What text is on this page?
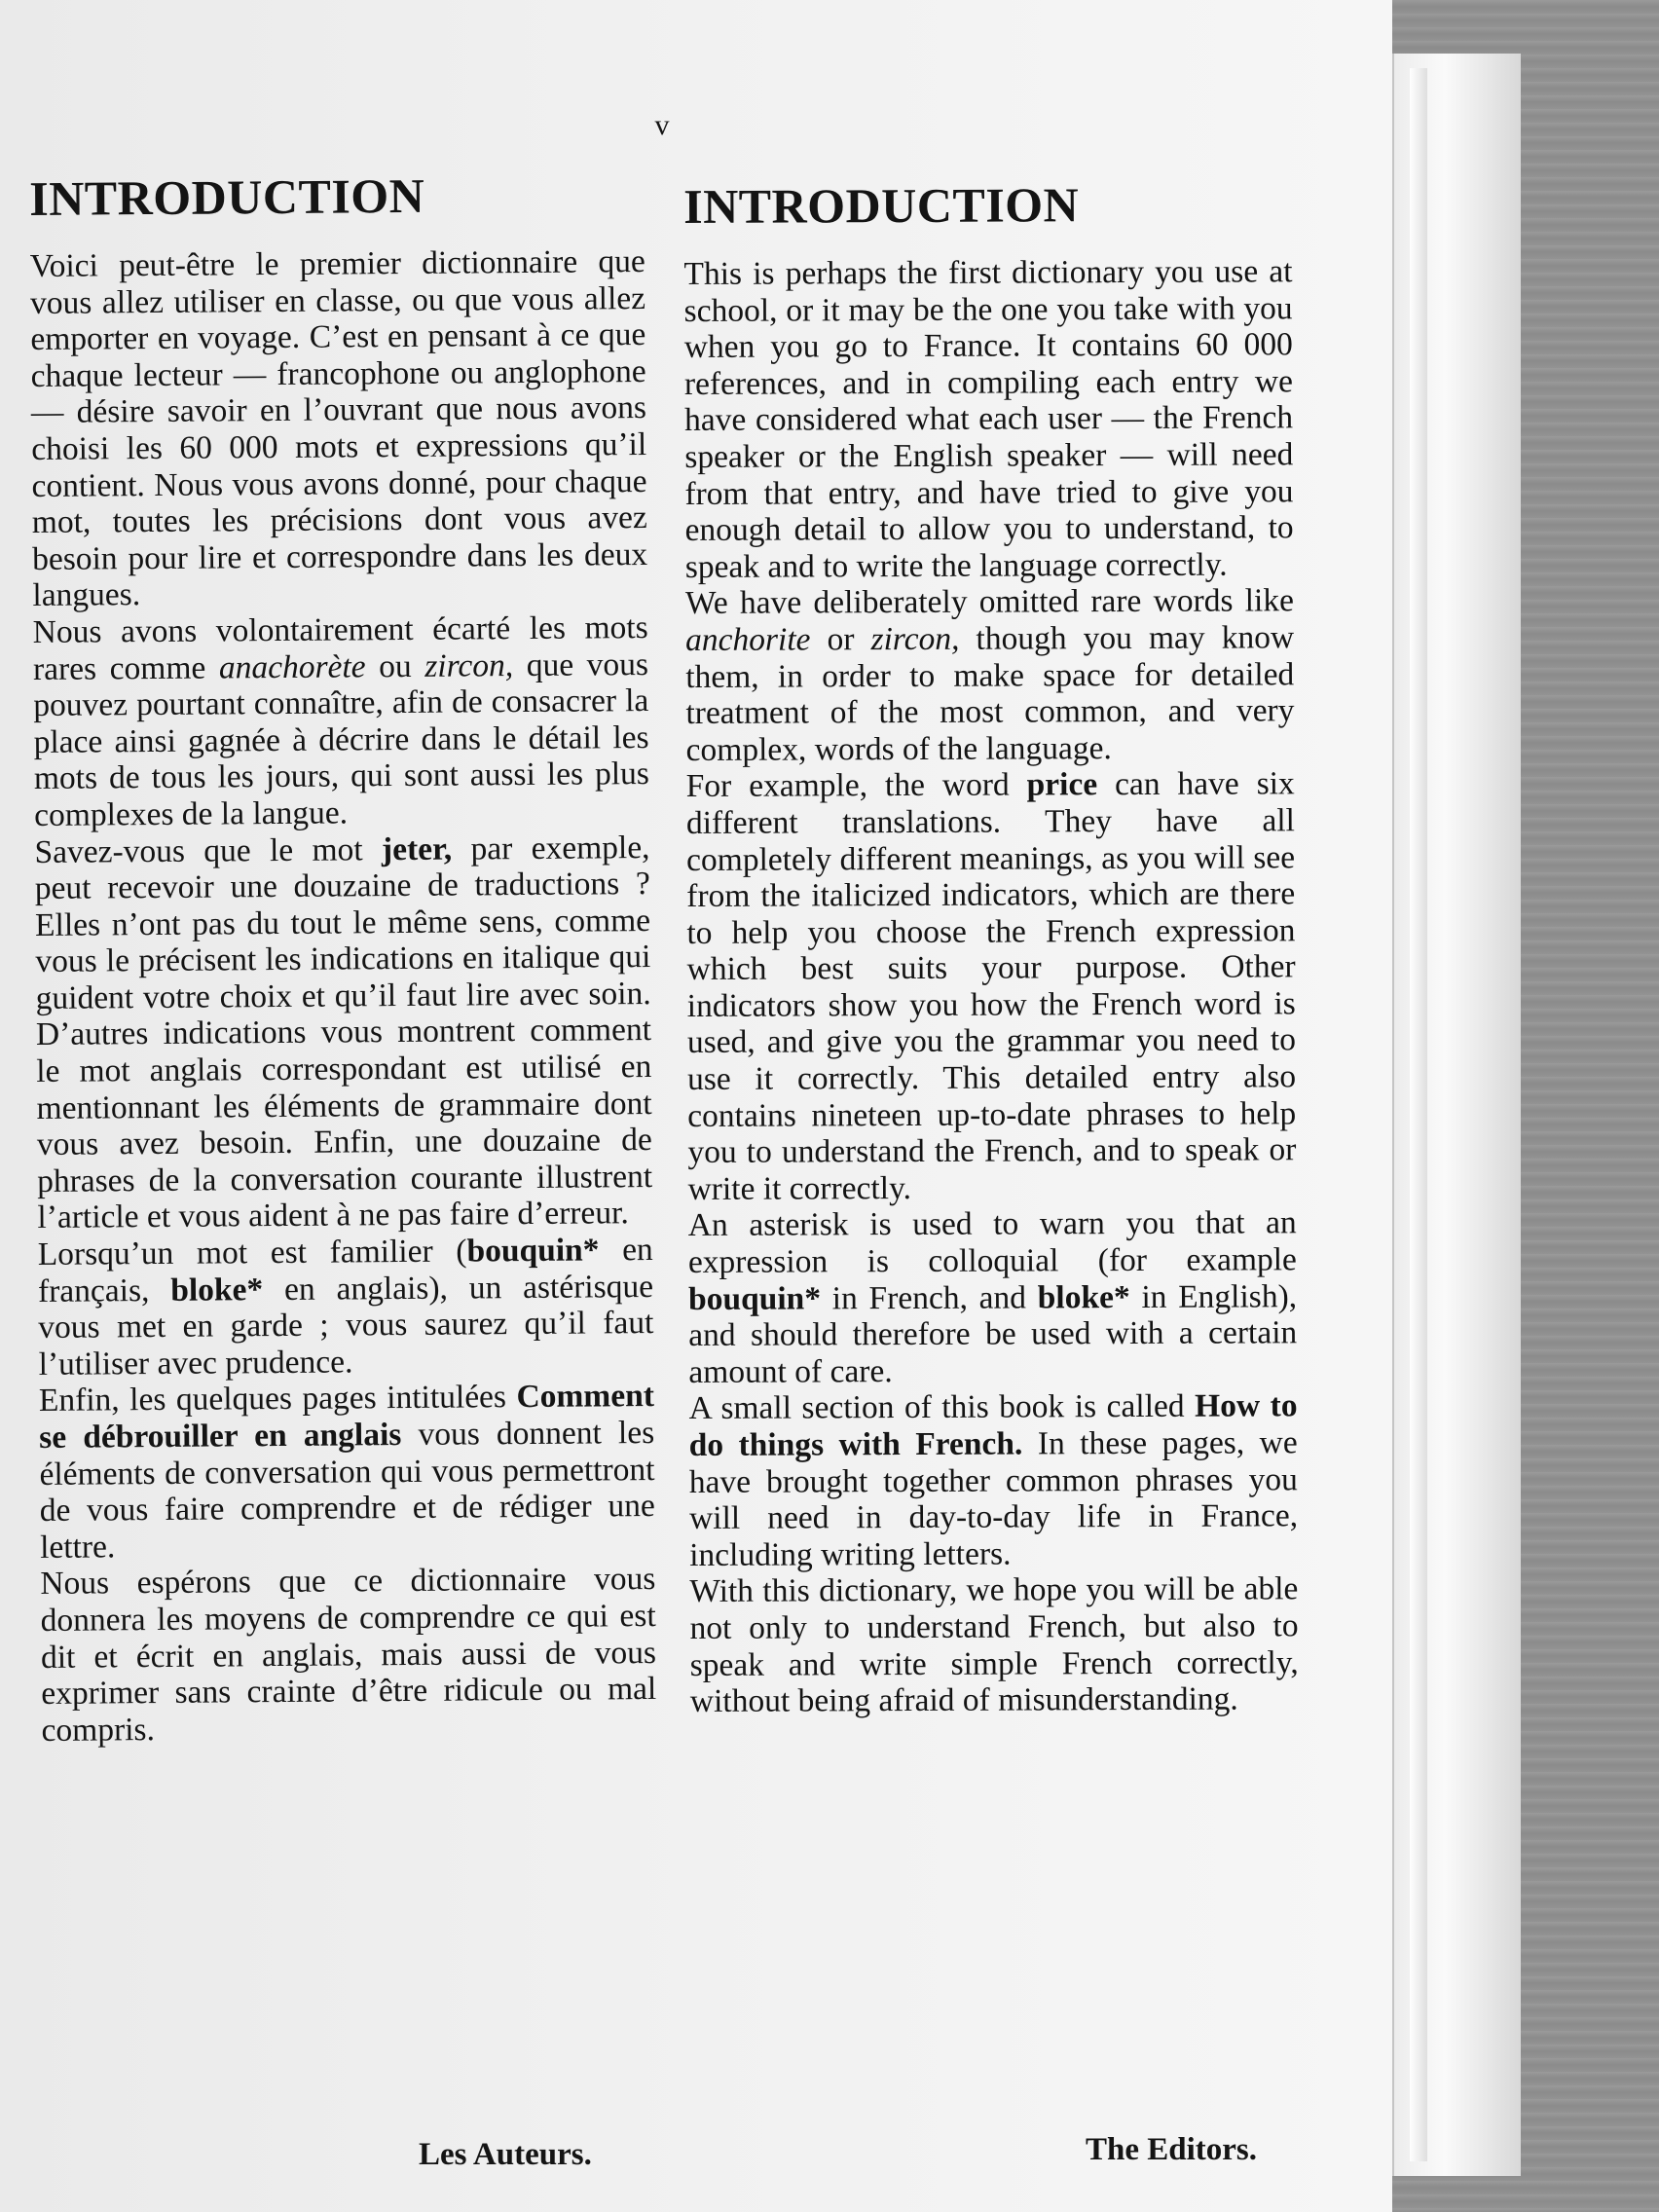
v
INTRODUCTION

Voici peut-être le premier dictionnaire que vous allez utiliser en classe, ou que vous allez emporter en voyage. C’est en pensant à ce que chaque lecteur — francophone ou anglophone — désire savoir en l’ouvrant que nous avons choisi les 60 000 mots et expressions qu’il contient. Nous vous avons donné, pour chaque mot, toutes les précisions dont vous avez besoin pour lire et correspondre dans les deux langues.

Nous avons volontairement écarté les mots rares comme anachorète ou zircon, que vous pouvez pourtant connaître, afin de consacrer la place ainsi gagnée à décrire dans le détail les mots de tous les jours, qui sont aussi les plus complexes de la langue.

Savez-vous que le mot jeter, par exemple, peut recevoir une douzaine de traductions ? Elles n’ont pas du tout le même sens, comme vous le précisent les indications en italique qui guident votre choix et qu’il faut lire avec soin. D’autres indications vous montrent comment le mot anglais correspondant est utilisé en mentionnant les éléments de grammaire dont vous avez besoin. Enfin, une douzaine de phrases de la conversation courante illustrent l’article et vous aident à ne pas faire d’erreur.

Lorsqu’un mot est familier (bouquin* en français, bloke* en anglais), un astérisque vous met en garde ; vous saurez qu’il faut l’utiliser avec prudence.

Enfin, les quelques pages intitulées Comment se débrouiller en anglais vous donnent les éléments de conversation qui vous permettront de vous faire comprendre et de rédiger une lettre.

Nous espérons que ce dictionnaire vous donnera les moyens de comprendre ce qui est dit et écrit en anglais, mais aussi de vous exprimer sans crainte d’être ridicule ou mal compris.

INTRODUCTION

This is perhaps the first dictionary you use at school, or it may be the one you take with you when you go to France. It contains 60 000 references, and in compiling each entry we have considered what each user — the French speaker or the English speaker — will need from that entry, and have tried to give you enough detail to allow you to understand, to speak and to write the language correctly.

We have deliberately omitted rare words like anchorite or zircon, though you may know them, in order to make space for detailed treatment of the most common, and very complex, words of the language.

For example, the word price can have six different translations. They have all completely different meanings, as you will see from the italicized indicators, which are there to help you choose the French expression which best suits your purpose. Other indicators show you how the French word is used, and give you the grammar you need to use it correctly. This detailed entry also contains nineteen up-to-date phrases to help you to understand the French, and to speak or write it correctly.

An asterisk is used to warn you that an expression is colloquial (for example bouquin* in French, and bloke* in English), and should therefore be used with a certain amount of care.

A small section of this book is called How to do things with French. In these pages, we have brought together common phrases you will need in day-to-day life in France, including writing letters.

With this dictionary, we hope you will be able not only to understand French, but also to speak and write simple French correctly, without being afraid of misunderstanding.

Les Auteurs.	The Editors.
